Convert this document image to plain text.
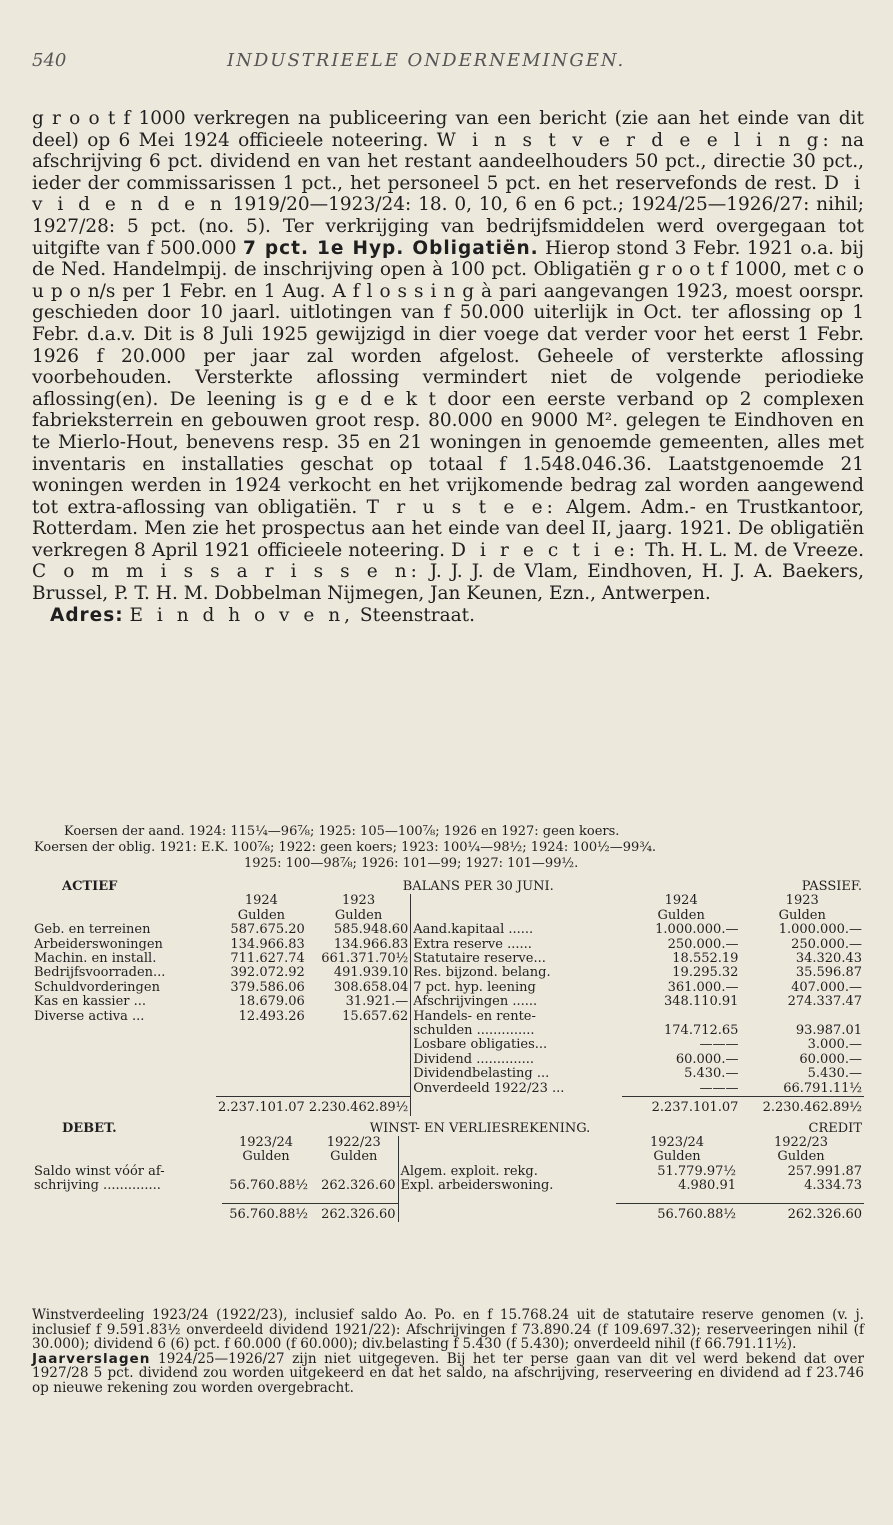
540	INDUSTRIEELE ONDERNEMINGEN.

g r o o t f 1000 verkregen na publiceering van een bericht (zie aan het einde van dit deel) op 6 Mei 1924 officieele noteering. W i n s t v e r d e e l i n g: na afschrijving 6 pct. dividend en van het restant aandeelhouders 50 pct., directie 30 pct., ieder der commissarissen 1 pct., het personeel 5 pct. en het reservefonds de rest. D i v i d e n d e n 1919/20—1923/24: 18. 0, 10, 6 en 6 pct.; 1924/25—1926/27: nihil; 1927/28: 5 pct. (no. 5). Ter verkrijging van bedrijfsmiddelen werd overgegaan tot uitgifte van f 500.000 7 pct. 1e Hyp. Obligatiën. Hierop stond 3 Febr. 1921 o.a. bij de Ned. Handelmpij. de inschrijving open à 100 pct. Obligatiën g r o o t f 1000, met c o u p o n/s per 1 Febr. en 1 Aug. A f l o s s i n g à pari aangevangen 1923, moest oorspr. geschieden door 10 jaarl. uitlotingen van f 50.000 uiterlijk in Oct. ter aflossing op 1 Febr. d.a.v. Dit is 8 Juli 1925 gewijzigd in dier voege dat verder voor het eerst 1 Febr. 1926 f 20.000 per jaar zal worden afgelost. Geheele of versterkte aflossing voorbehouden. Versterkte aflossing vermindert niet de volgende periodieke aflossing(en). De leening is g e d e k t door een eerste verband op 2 complexen fabrieksterrein en gebouwen groot resp. 80.000 en 9000 M². gelegen te Eindhoven en te Mierlo-Hout, benevens resp. 35 en 21 woningen in genoemde gemeenten, alles met inventaris en installaties geschat op totaal f 1.548.046.36. Laatstgenoemde 21 woningen werden in 1924 verkocht en het vrijkomende bedrag zal worden aangewend tot extra-aflossing van obligatiën. T r u s t e e: Algem. Adm.- en Trustkantoor, Rotterdam. Men zie het prospectus aan het einde van deel II, jaarg. 1921. De obligatiën verkregen 8 April 1921 officieele noteering. D i r e c t i e: Th. H. L. M. de Vreeze. C o m m i s s a r i s s e n: J. J. J. de Vlam, Eindhoven, H. J. A. Baekers, Brussel, P. T. H. M. Dobbelman Nijmegen, Jan Keunen, Ezn., Antwerpen.
Adres: E i n d h o v e n, Steenstraat.

Koersen der aand. 1924: 115¼—96⅞; 1925: 105—100⅞; 1926 en 1927: geen koers.
Koersen der oblig. 1921: E.K. 100⅞; 1922: geen koers; 1923: 100¼—98½; 1924: 100½—99¾.
1925: 100—98⅞; 1926: 101—99; 1927: 101—99½.
ACTIEF	BALANS PER 30 JUNI.				PASSIEF.
	1924	1923		1924	1923
	Gulden	Gulden		Gulden	Gulden
Geb. en terreinen	587.675.20	585.948.60	Aand.kapitaal ......	1.000.000.—	1.000.000.—
Arbeiderswoningen	134.966.83	134.966.83	Extra reserve ......	250.000.—	250.000.—
Machin. en install.	711.627.74	661.371.70½	Statutaire reserve...	18.552.19	34.320.43
Bedrijfsvoorraden...	392.072.92	491.939.10	Res. bijzond. belang.	19.295.32	35.596.87
Schuldvorderingen	379.586.06	308.658.04	7 pct. hyp. leening	361.000.—	407.000.—
Kas en kassier ...	18.679.06	31.921.—	Afschrijvingen ......	348.110.91	274.337.47
Diverse activa ...	12.493.26	15.657.62	Handels- en rente-		
			schulden ..............	174.712.65	93.987.01
			Losbare obligaties...	———	3.000.—
			Dividend ..............	60.000.—	60.000.—
			Dividendbelasting ...	5.430.—	5.430.—
			Onverdeeld 1922/23 ...	———	66.791.11½

	2.237.101.07	2.230.462.89½		2.237.101.07	2.230.462.89½
DEBET.	WINST- EN VERLIESREKENING.				CREDIT
	1923/24	1922/23		1923/24	1922/23
	Gulden	Gulden		Gulden	Gulden
Saldo winst vóór af-			Algem. exploit. rekg.	51.779.97½	257.991.87
schrijving ..............	56.760.88½	262.326.60	Expl. arbeiderswoning.	4.980.91	4.334.73

	56.760.88½	262.326.60		56.760.88½	262.326.60

Winstverdeeling 1923/24 (1922/23), inclusief saldo Ao. Po. en f 15.768.24 uit de statutaire reserve genomen (v. j. inclusief f 9.591.83½ onverdeeld dividend 1921/22): Afschrijvingen f 73.890.24 (f 109.697.32); reserveeringen nihil (f 30.000); dividend 6 (6) pct. f 60.000 (f 60.000); div.belasting f 5.430 (f 5.430); onverdeeld nihil (f 66.791.11½).
Jaarverslagen 1924/25—1926/27 zijn niet uitgegeven. Bij het ter perse gaan van dit vel werd bekend dat over 1927/28 5 pct. dividend zou worden uitgekeerd en dat het saldo, na afschrijving, reserveering en dividend ad f 23.746 op nieuwe rekening zou worden overgebracht.
